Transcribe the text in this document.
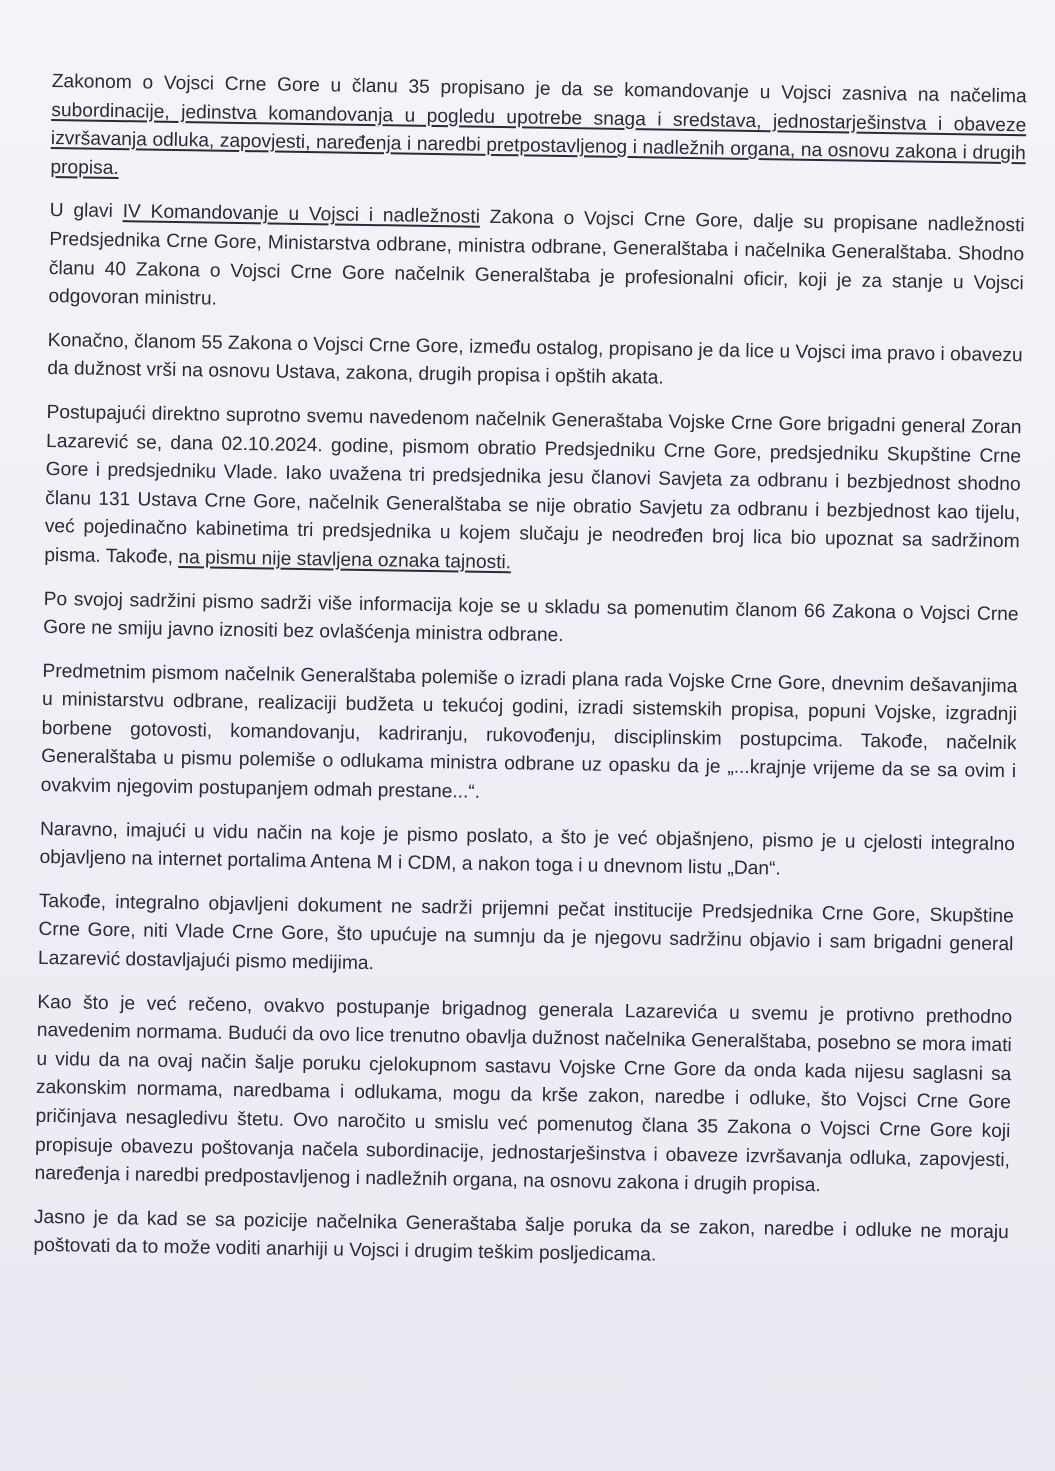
Zakonom o Vojsci Crne Gore u članu 35 propisano je da se komandovanje u Vojsci zasniva na načelima subordinacije, jedinstva komandovanja u pogledu upotrebe snaga i sredstava, jednostarješinstva i obaveze izvršavanja odluka, zapovjesti, naređenja i naredbi pretpostavljenog i nadležnih organa, na osnovu zakona i drugih propisa.

U glavi IV Komandovanje u Vojsci i nadležnosti Zakona o Vojsci Crne Gore, dalje su propisane nadležnosti Predsjednika Crne Gore, Ministarstva odbrane, ministra odbrane, Generalštaba i načelnika Generalštaba. Shodno članu 40 Zakona o Vojsci Crne Gore načelnik Generalštaba je profesionalni oficir, koji je za stanje u Vojsci odgovoran ministru.

Konačno, članom 55 Zakona o Vojsci Crne Gore, između ostalog, propisano je da lice u Vojsci ima pravo i obavezu da dužnost vrši na osnovu Ustava, zakona, drugih propisa i opštih akata.

Postupajući direktno suprotno svemu navedenom načelnik Generaštaba Vojske Crne Gore brigadni general Zoran Lazarević se, dana 02.10.2024. godine, pismom obratio Predsjedniku Crne Gore, predsjedniku Skupštine Crne Gore i predsjedniku Vlade. Iako uvažena tri predsjednika jesu članovi Savjeta za odbranu i bezbjednost shodno članu 131 Ustava Crne Gore, načelnik Generalštaba se nije obratio Savjetu za odbranu i bezbjednost kao tijelu, već pojedinačno kabinetima tri predsjednika u kojem slučaju je neodređen broj lica bio upoznat sa sadržinom pisma. Takođe, na pismu nije stavljena oznaka tajnosti.

Po svojoj sadržini pismo sadrži više informacija koje se u skladu sa pomenutim članom 66 Zakona o Vojsci Crne Gore ne smiju javno iznositi bez ovlašćenja ministra odbrane.

Predmetnim pismom načelnik Generalštaba polemiše o izradi plana rada Vojske Crne Gore, dnevnim dešavanjima u ministarstvu odbrane, realizaciji budžeta u tekućoj godini, izradi sistemskih propisa, popuni Vojske, izgradnji borbene gotovosti, komandovanju, kadriranju, rukovođenju, disciplinskim postupcima. Takođe, načelnik Generalštaba u pismu polemiše o odlukama ministra odbrane uz opasku da je „...krajnje vrijeme da se sa ovim i ovakvim njegovim postupanjem odmah prestane...“.

Naravno, imajući u vidu način na koje je pismo poslato, a što je već objašnjeno, pismo je u cjelosti integralno objavljeno na internet portalima Antena M i CDM, a nakon toga i u dnevnom listu „Dan“.

Takođe, integralno objavljeni dokument ne sadrži prijemni pečat institucije Predsjednika Crne Gore, Skupštine Crne Gore, niti Vlade Crne Gore, što upućuje na sumnju da je njegovu sadržinu objavio i sam brigadni general Lazarević dostavljajući pismo medijima.

Kao što je već rečeno, ovakvo postupanje brigadnog generala Lazarevića u svemu je protivno prethodno navedenim normama. Budući da ovo lice trenutno obavlja dužnost načelnika Generalštaba, posebno se mora imati u vidu da na ovaj način šalje poruku cjelokupnom sastavu Vojske Crne Gore da onda kada nijesu saglasni sa zakonskim normama, naredbama i odlukama, mogu da krše zakon, naredbe i odluke, što Vojsci Crne Gore pričinjava nesagledivu štetu. Ovo naročito u smislu već pomenutog člana 35 Zakona o Vojsci Crne Gore koji propisuje obavezu poštovanja načela subordinacije, jednostarješinstva i obaveze izvršavanja odluka, zapovjesti, naređenja i naredbi predpostavljenog i nadležnih organa, na osnovu zakona i drugih propisa.

Jasno je da kad se sa pozicije načelnika Generaštaba šalje poruka da se zakon, naredbe i odluke ne moraju poštovati da to može voditi anarhiji u Vojsci i drugim teškim posljedicama.
